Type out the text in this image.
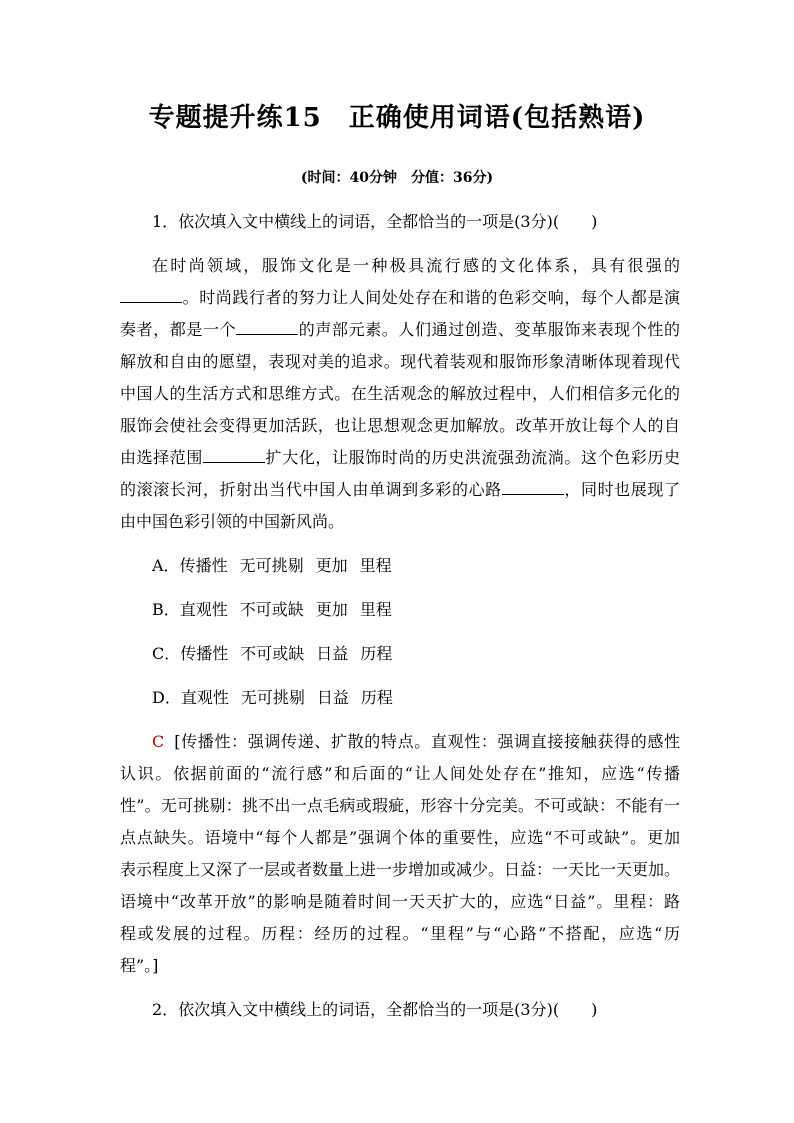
专题提升练15　正确使用词语(包括熟语)
(时间：40分钟　分值：36分)
1．依次填入文中横线上的词语，全都恰当的一项是(3分)(　　)
在时尚领域，服饰文化是一种极具流行感的文化体系，具有很强的
。时尚践行者的努力让人间处处存在和谐的色彩交响，每个人都是演
奏者，都是一个	的声部元素。人们通过创造、变革服饰来表现个性的
解放和自由的愿望，表现对美的追求。现代着装观和服饰形象清晰体现着现代
中国人的生活方式和思维方式。在生活观念的解放过程中，人们相信多元化的
服饰会使社会变得更加活跃，也让思想观念更加解放。改革开放让每个人的自
由选择范围	扩大化，让服饰时尚的历史洪流强劲流淌。这个色彩历史
的滚滚长河，折射出当代中国人由单调到多彩的心路	，同时也展现了
由中国色彩引领的中国新风尚。
A．传播性 无可挑剔 更加 里程
B．直观性 不可或缺 更加 里程
C．传播性 不可或缺 日益 历程
D．直观性 无可挑剔 日益 历程
C [传播性：强调传递、扩散的特点。直观性：强调直接接触获得的感性
认识。依据前面的“流行感”和后面的“让人间处处存在”推知，应选“传播
性”。无可挑剔：挑不出一点毛病或瑕疵，形容十分完美。不可或缺：不能有一
点点缺失。语境中“每个人都是”强调个体的重要性，应选“不可或缺”。更加
表示程度上又深了一层或者数量上进一步增加或减少。日益：一天比一天更加。
语境中“改革开放”的影响是随着时间一天天扩大的，应选“日益”。里程：路
程或发展的过程。历程：经历的过程。“里程”与“心路”不搭配，应选“历
程”。]
2．依次填入文中横线上的词语，全都恰当的一项是(3分)(　　)
